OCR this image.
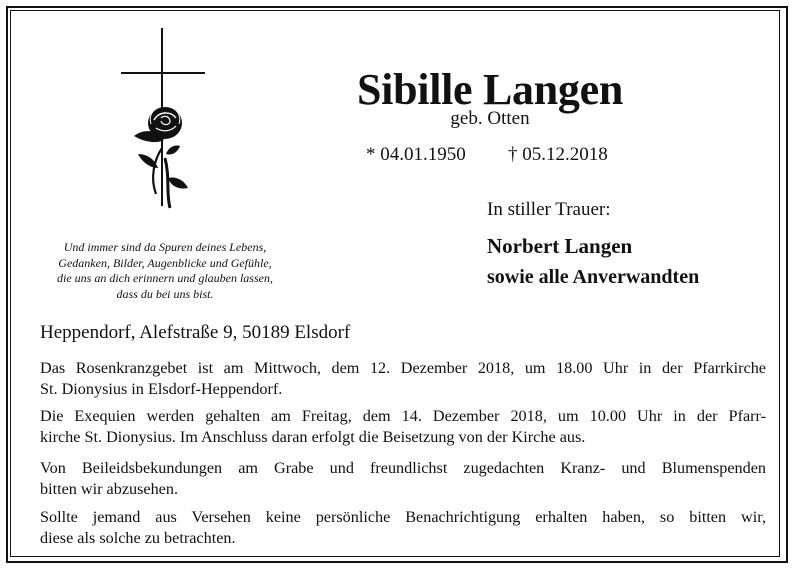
Und immer sind da Spuren deines Lebens,
Gedanken, Bilder, Augenblicke und Gefühle,
die uns an dich erinnern und glauben lassen,
dass du bei uns bist.
Sibille Langen
geb. Otten
* 04.01.1950 † 05.12.2018
In stiller Trauer:
Norbert Langen
sowie alle Anverwandten
Heppendorf, Alefstraße 9, 50189 Elsdorf
Das Rosenkranzgebet ist am Mittwoch, dem 12. Dezember 2018, um 18.00 Uhr in der Pfarrkirche
St. Dionysius in Elsdorf-Heppendorf.
Die Exequien werden gehalten am Freitag, dem 14. Dezember 2018, um 10.00 Uhr in der Pfarr-
kirche St. Dionysius. Im Anschluss daran erfolgt die Beisetzung von der Kirche aus.
Von Beileidsbekundungen am Grabe und freundlichst zugedachten Kranz- und Blumenspenden
bitten wir abzusehen.
Sollte jemand aus Versehen keine persönliche Benachrichtigung erhalten haben, so bitten wir,
diese als solche zu betrachten.
